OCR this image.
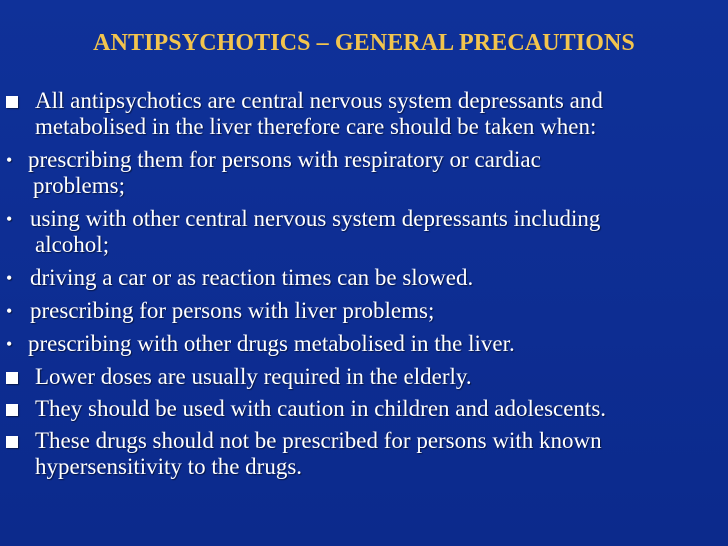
ANTIPSYCHOTICS – GENERAL PRECAUTIONS
All antipsychotics are central nervous system depressants and
metabolised in the liver therefore care should be taken when:
• prescribing them for persons with respiratory or cardiac
problems;
• using with other central nervous system depressants including
alcohol;
• driving a car or as reaction times can be slowed.
• prescribing for persons with liver problems;
• prescribing with other drugs metabolised in the liver.
Lower doses are usually required in the elderly.
They should be used with caution in children and adolescents.
These drugs should not be prescribed for persons with known
hypersensitivity to the drugs.
